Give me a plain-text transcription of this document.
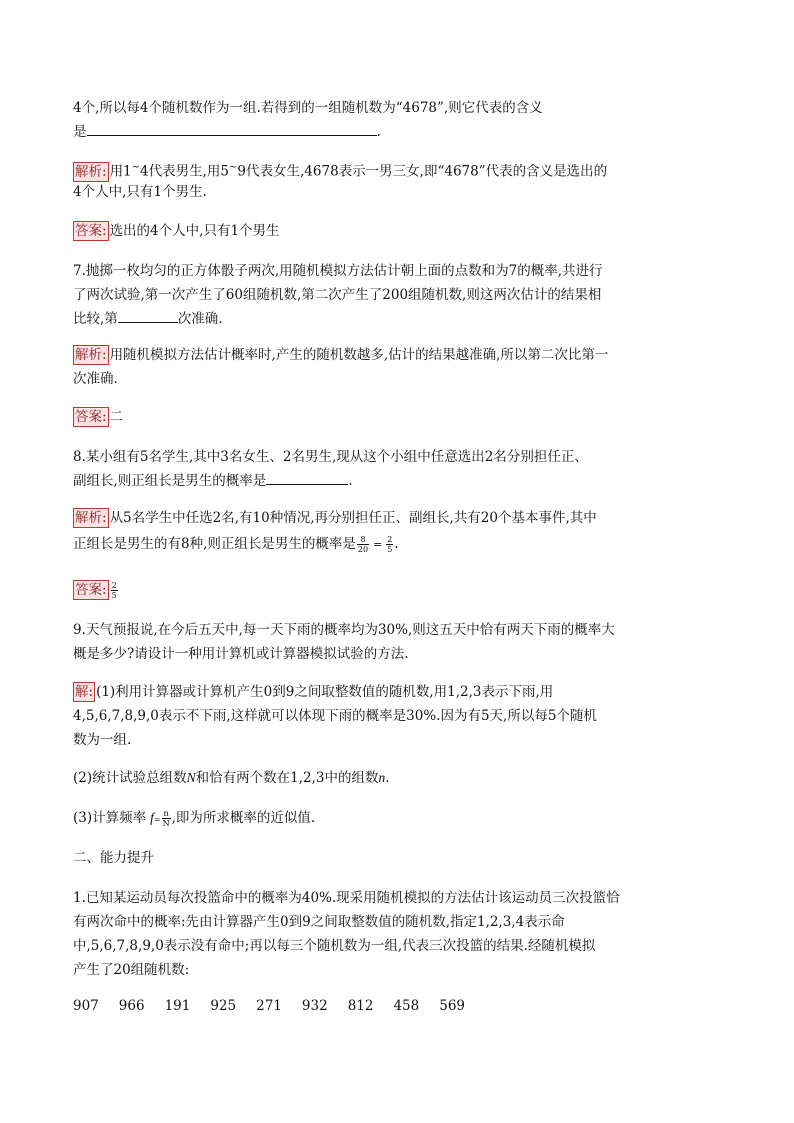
4个,所以每4个随机数作为一组.若得到的一组随机数为“4678”,则它代表的含义
是	.
解析: 用1~4代表男生,用5~9代表女生,4678表示一男三女,即“4678”代表的含义是选出的
4个人中,只有1个男生.
答案: 选出的4个人中,只有1个男生
7.抛掷一枚均匀的正方体骰子两次,用随机模拟方法估计朝上面的点数和为7的概率,共进行
了两次试验,第一次产生了60组随机数,第二次产生了200组随机数,则这两次估计的结果相
比较,第	次准确.
解析: 用随机模拟方法估计概率时,产生的随机数越多,估计的结果越准确,所以第二次比第一
次准确.
答案: 二
8.某小组有5名学生,其中3名女生、2名男生,现从这个小组中任意选出2名分别担任正、
副组长,则正组长是男生的概率是	.
解析: 从5名学生中任选2名,有10种情况,再分别担任正、副组长,共有20个基本事件,其中
正组长是男生的有8种,则正组长是男生的概率是 $\frac{8}{20} = \frac{2}{5}$ .
答案: $\frac{2}{5}$
9.天气预报说,在今后五天中,每一天下雨的概率均为30%,则这五天中恰有两天下雨的概率大
概是多少?请设计一种用计算机或计算器模拟试验的方法.
解: (1)利用计算器或计算机产生0到9之间取整数值的随机数,用1,2,3表示下雨,用
4,5,6,7,8,9,0表示不下雨,这样就可以体现下雨的概率是30%.因为有5天,所以每5个随机
数为一组.
(2)统计试验总组数N和恰有两个数在1,2,3中的组数n.
(3)计算频率 $f= \frac{n}{N}$ ,即为所求概率的近似值.
二、能力提升
1.已知某运动员每次投篮命中的概率为40%.现采用随机模拟的方法估计该运动员三次投篮恰
有两次命中的概率:先由计算器产生0到9之间取整数值的随机数,指定1,2,3,4表示命
中,5,6,7,8,9,0表示没有命中;再以每三个随机数为一组,代表三次投篮的结果.经随机模拟
产生了20组随机数:
907 966 191 925 271 932 812 458 569
